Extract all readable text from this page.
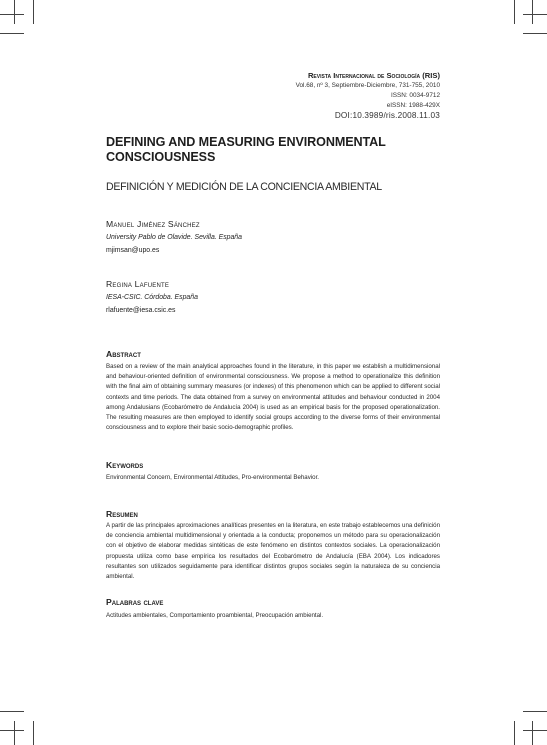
Revista Internacional de Sociología (RIS)
Vol.68, nº 3, Septiembre-Diciembre, 731-755, 2010
ISSN: 0034-9712
eISSN: 1988-429X
DOI:10.3989/ris.2008.11.03
DEFINING AND MEASURING ENVIRONMENTAL CONSCIOUSNESS
DEFINICIÓN Y MEDICIÓN DE LA CONCIENCIA AMBIENTAL
Manuel Jiménez Sánchez
University Pablo de Olavide. Sevilla. España
mjimsan@upo.es
Regina Lafuente
IESA-CSIC. Córdoba. España
rlafuente@iesa.csic.es
Abstract
Based on a review of the main analytical approaches found in the literature, in this paper we establish a multidimensional and behaviour-oriented definition of environmental consciousness. We propose a method to operationalize this definition with the final aim of obtaining summary measures (or indexes) of this phenomenon which can be applied to different social contexts and time periods. The data obtained from a survey on environmental attitudes and behaviour conducted in 2004 among Andalusians (Ecobarómetro de Andalucía 2004) is used as an empirical basis for the proposed operationalization. The resulting measures are then employed to identify social groups according to the diverse forms of their environmental consciousness and to explore their basic socio-demographic profiles.
Keywords
Environmental Concern, Environmental Attitudes, Pro-environmental Behavior.
Resumen
A partir de las principales aproximaciones analíticas presentes en la literatura, en este trabajo establecemos una definición de conciencia ambiental multidimensional y orientada a la conducta; proponemos un método para su operacionalización con el objetivo de elaborar medidas sintéticas de este fenómeno en distintos contextos sociales. La operacionalización propuesta utiliza como base empírica los resultados del Ecobarómetro de Andalucía (EBA 2004). Los indicadores resultantes son utilizados seguidamente para identificar distintos grupos sociales según la naturaleza de su conciencia ambiental.
Palabras clave
Actitudes ambientales, Comportamiento proambiental, Preocupación ambiental.
